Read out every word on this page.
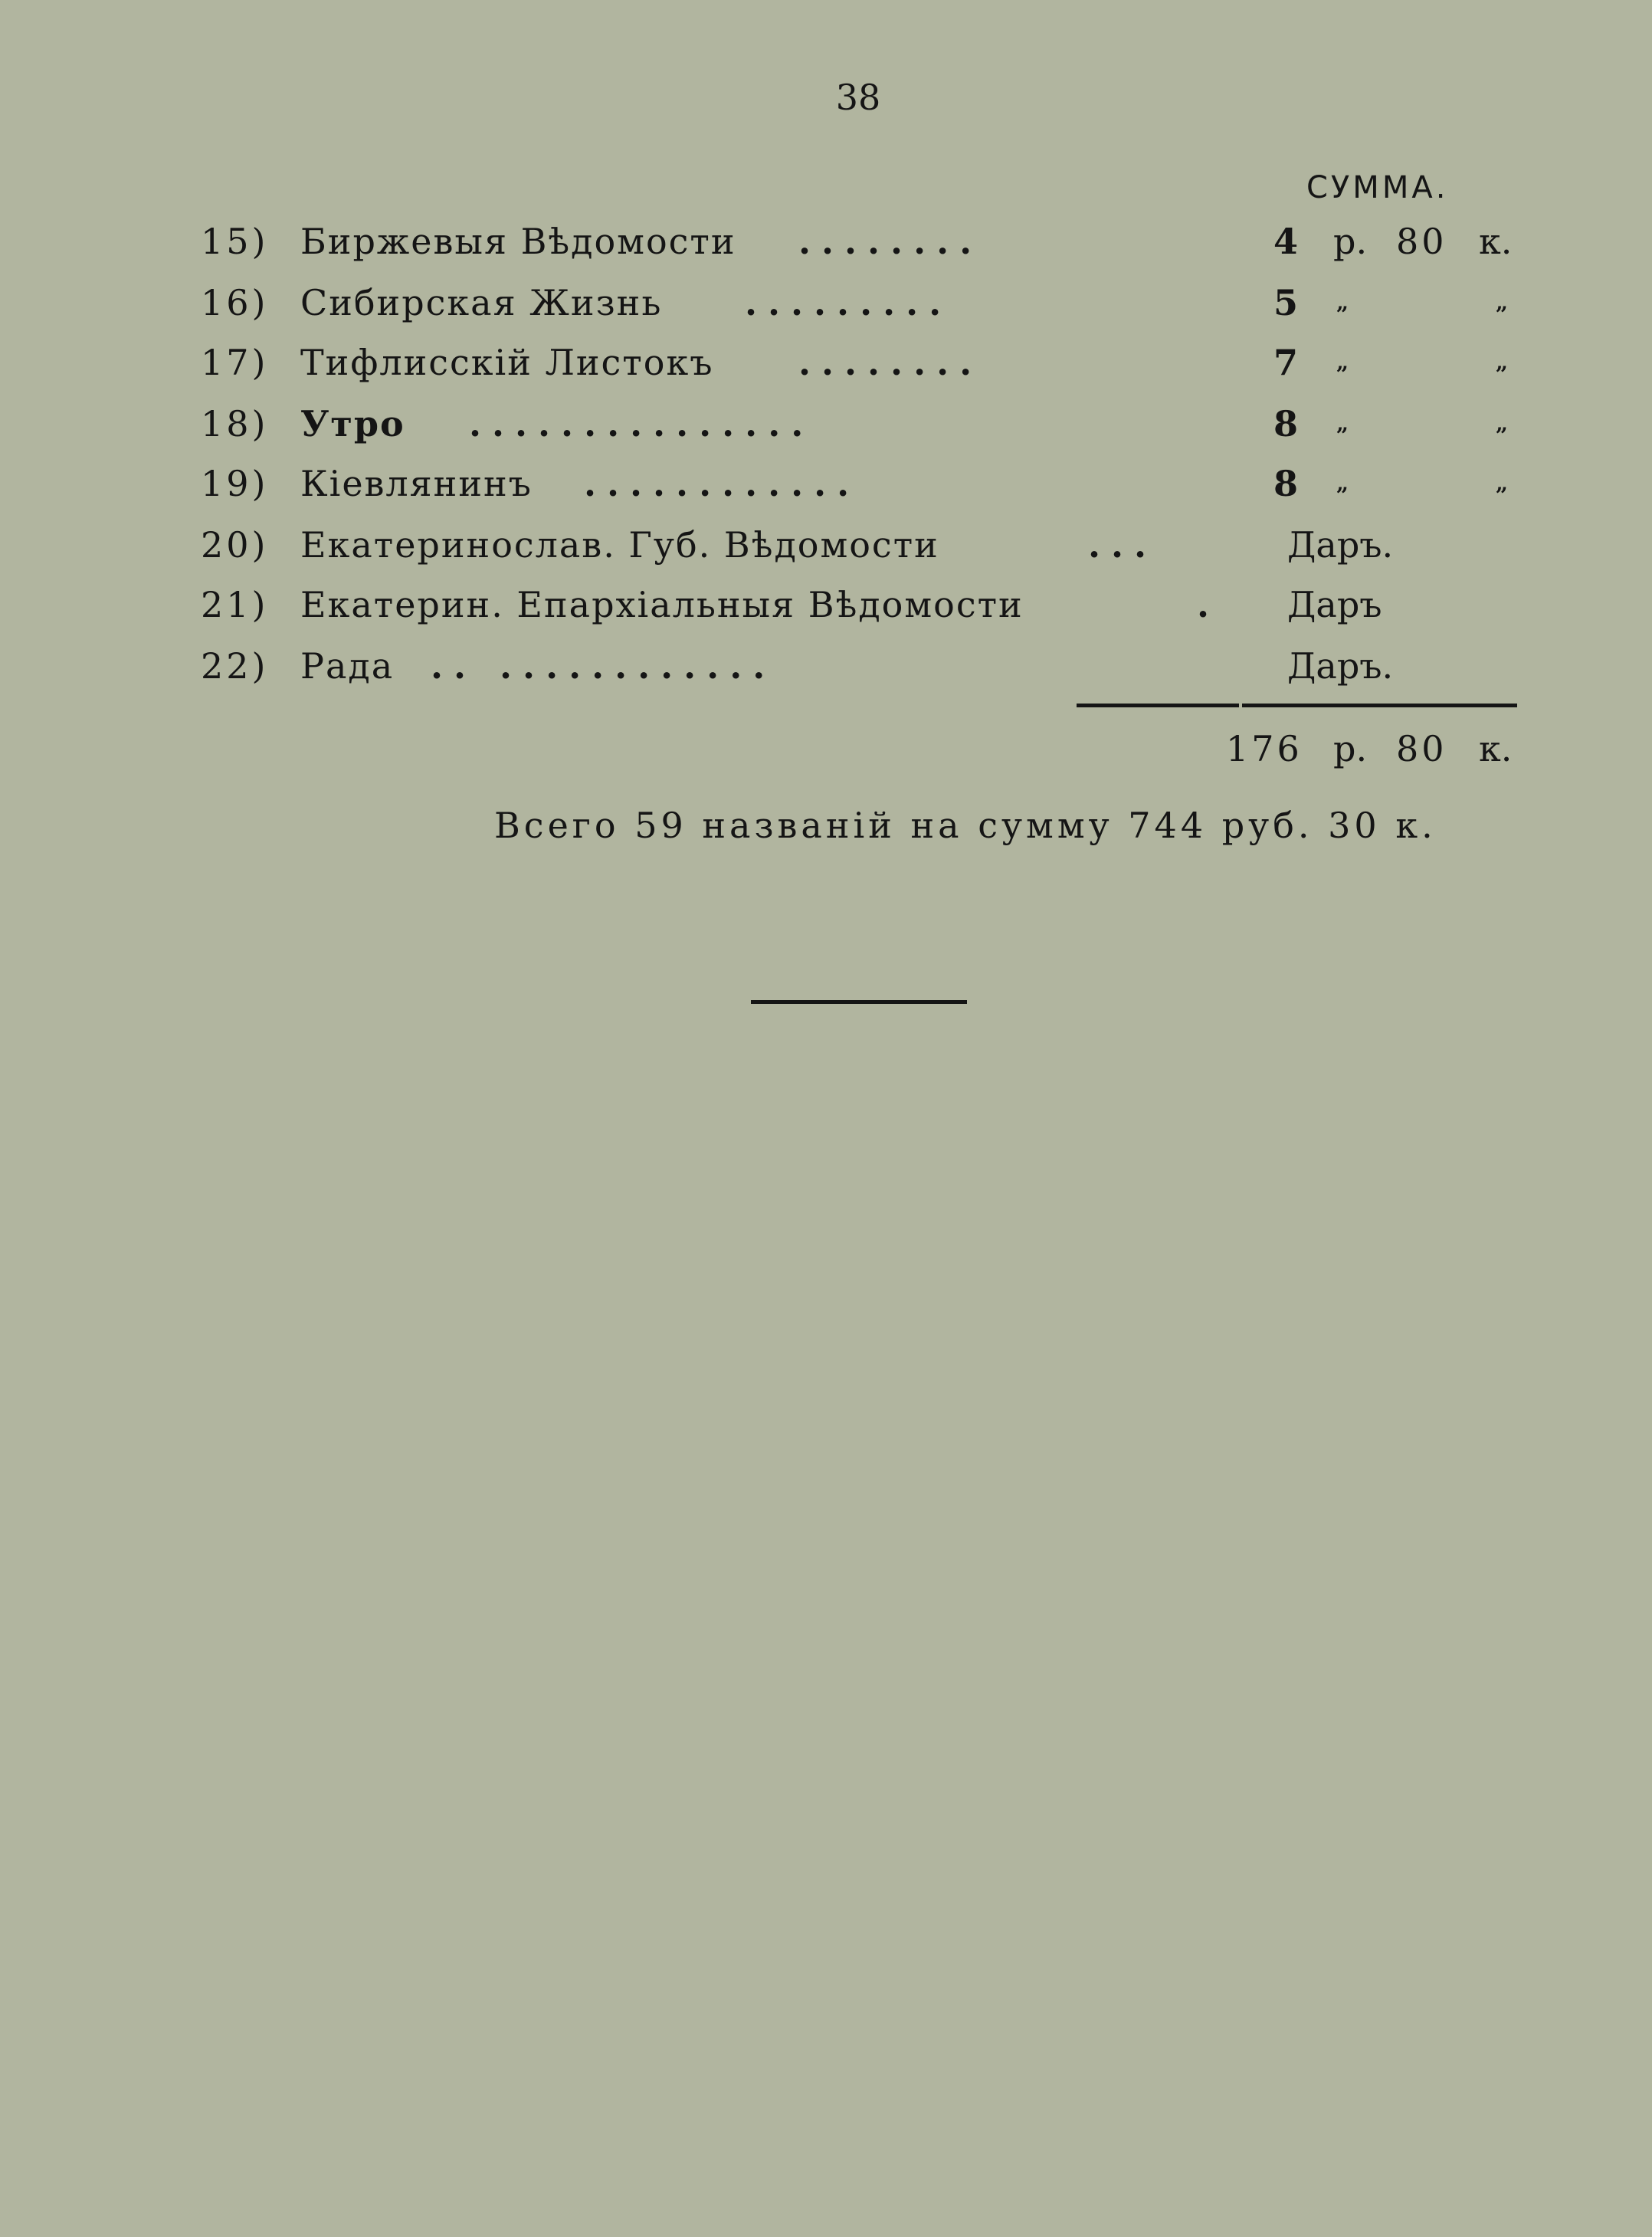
38
СУММА.
15) Биржевыя Вѣдомости ........	4 р. 80 к.
16) Сибирская Жизнь .........	5 „	„
17) Тифлисскій Листокъ ........	7 „	„
18) Утро ...............	8 „	„
19) Кіевлянинъ ............	8 „	„
20) Екатеринослав. Губ. Вѣдомости	...	Даръ.
21) Екатерин. Епархіальныя Вѣдомости	.	Даръ
22) Рада .. ............	Даръ.
176 р. 80 к.
Всего 59 названій на сумму 744 руб. 30 к.
